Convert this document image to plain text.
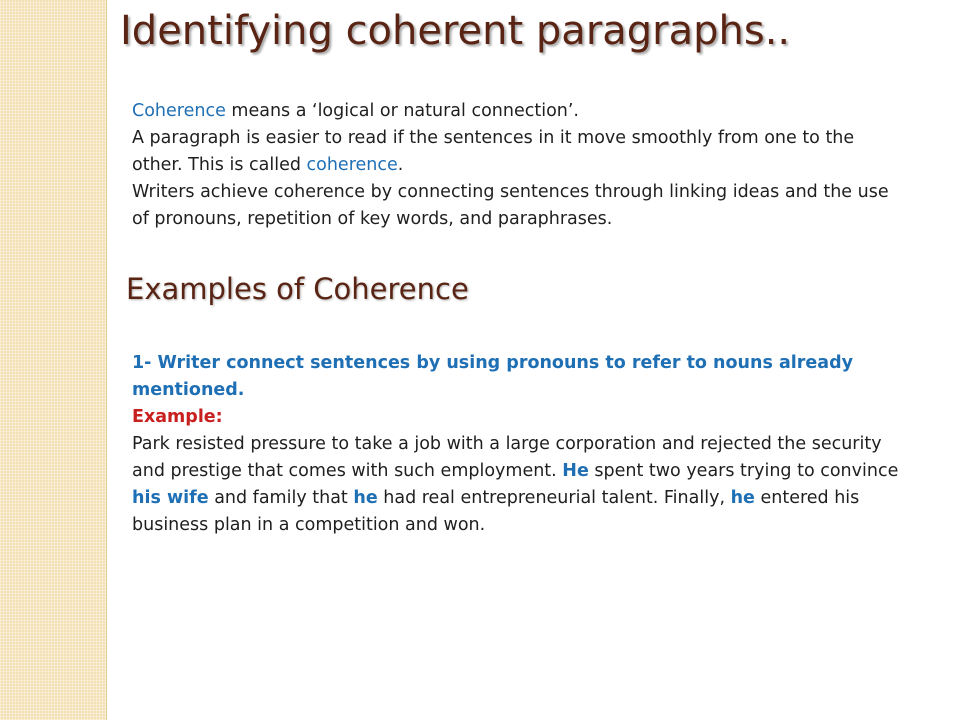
Identifying coherent paragraphs..

Coherence means a ‘logical or natural connection’.

A paragraph is easier to read if the sentences in it move smoothly from one to the other. This is called coherence.

Writers achieve coherence by connecting sentences through linking ideas and the use of pronouns, repetition of key words, and paraphrases.

Examples of Coherence

1- Writer connect sentences by using pronouns to refer to nouns already mentioned.

Example:

Park resisted pressure to take a job with a large corporation and rejected the security and prestige that comes with such employment. He spent two years trying to convince his wife and family that he had real entrepreneurial talent. Finally, he entered his business plan in a competition and won.
